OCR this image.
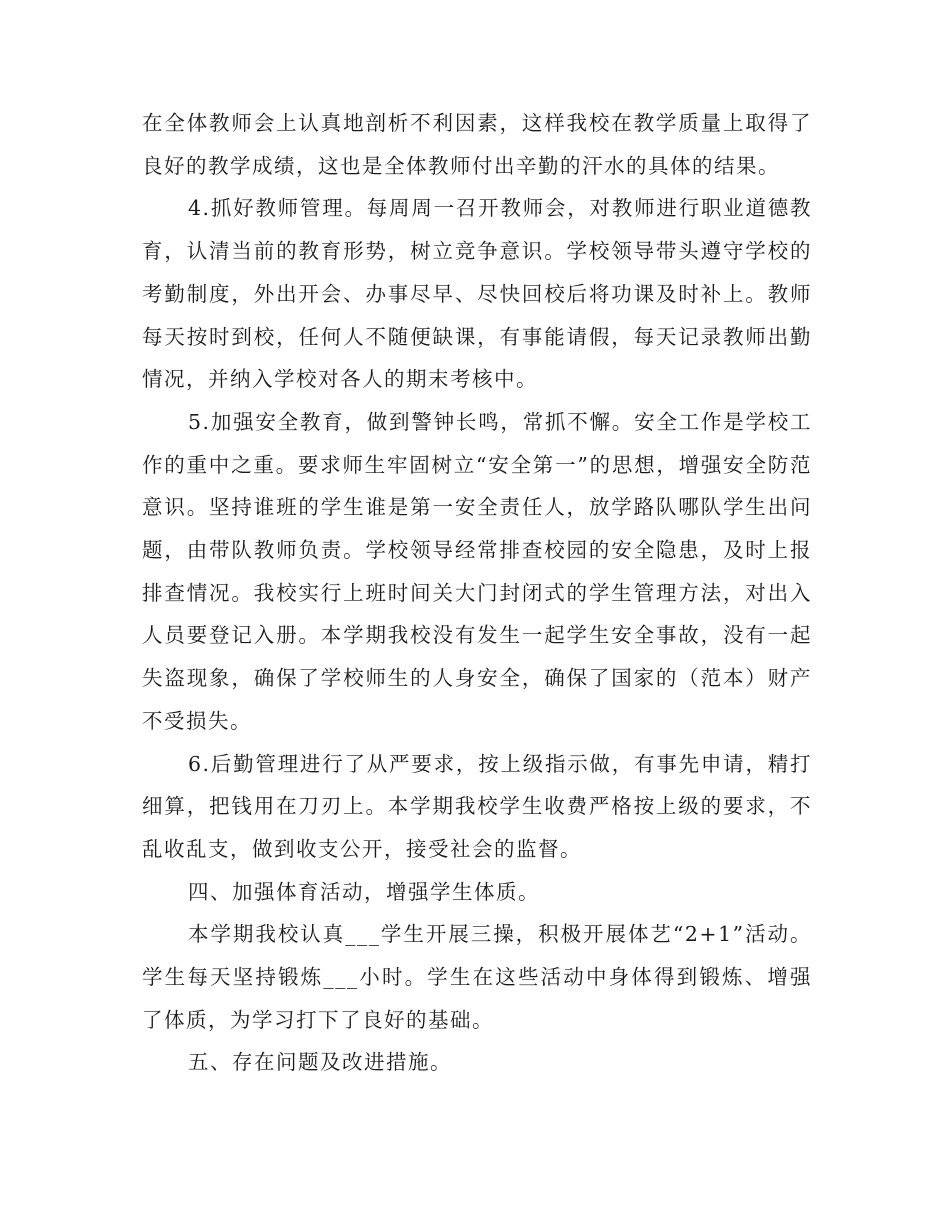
在全体教师会上认真地剖析不利因素，这样我校在教学质量上取得了良好的教学成绩，这也是全体教师付出辛勤的汗水的具体的结果。

4.抓好教师管理。每周周一召开教师会，对教师进行职业道德教育，认清当前的教育形势，树立竞争意识。学校领导带头遵守学校的考勤制度，外出开会、办事尽早、尽快回校后将功课及时补上。教师每天按时到校，任何人不随便缺课，有事能请假，每天记录教师出勤情况，并纳入学校对各人的期末考核中。

5.加强安全教育，做到警钟长鸣，常抓不懈。安全工作是学校工作的重中之重。要求师生牢固树立“安全第一”的思想，增强安全防范意识。坚持谁班的学生谁是第一安全责任人，放学路队哪队学生出问题，由带队教师负责。学校领导经常排查校园的安全隐患，及时上报排查情况。我校实行上班时间关大门封闭式的学生管理方法，对出入人员要登记入册。本学期我校没有发生一起学生安全事故，没有一起失盗现象，确保了学校师生的人身安全，确保了国家的（范本）财产不受损失。

6.后勤管理进行了从严要求，按上级指示做，有事先申请，精打细算，把钱用在刀刃上。本学期我校学生收费严格按上级的要求，不乱收乱支，做到收支公开，接受社会的监督。

四、加强体育活动，增强学生体质。

本学期我校认真___学生开展三操，积极开展体艺“2+1”活动。学生每天坚持锻炼___小时。学生在这些活动中身体得到锻炼、增强了体质，为学习打下了良好的基础。

五、存在问题及改进措施。
